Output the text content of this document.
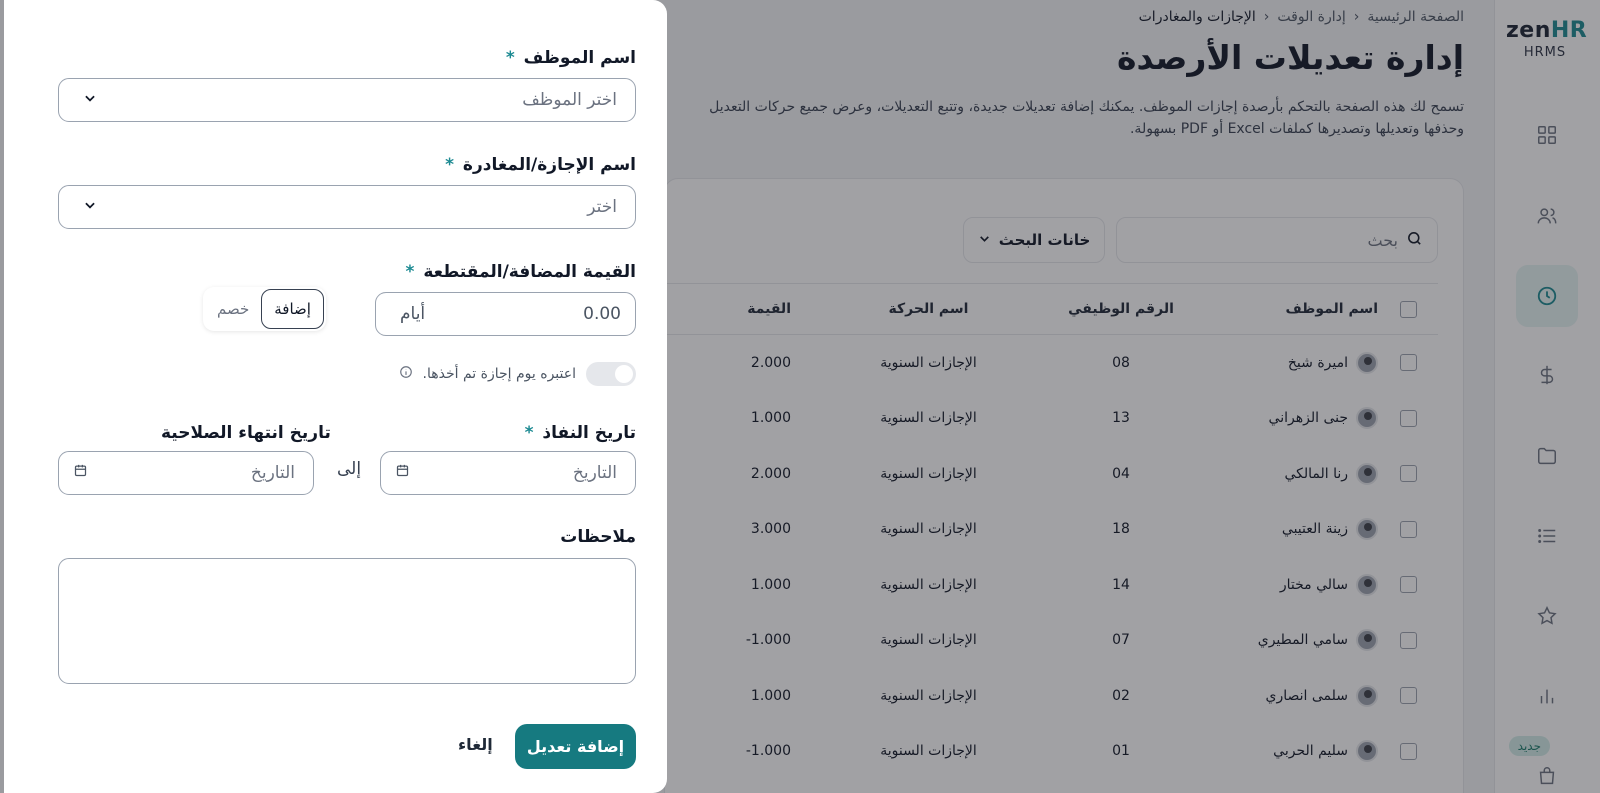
zenHR
HRMS
جديد
الصفحة الرئيسية
‹
إدارة الوقت
‹
الإجازات والمغادرات
إدارة تعديلات الأرصدة

تسمح لك هذه الصفحة بالتحكم بأرصدة إجازات الموظف. يمكنك إضافة تعديلات جديدة، وتتبع التعديلات، وعرض جميع حركات التعديل وحذفها وتعديلها وتصديرها كملفات Excel أو PDF بسهولة.

بحث
خانات البحث
اسم الموظف
الرقم الوظيفي
اسم الحركة
القيمة
اميرة شيخ
08
الإجازات السنوية
2.000
جنى الزهراني
13
الإجازات السنوية
1.000
رنا المالكي
04
الإجازات السنوية
2.000
زينة العتيبي
18
الإجازات السنوية
3.000
سالي مختار
14
الإجازات السنوية
1.000
سامي المطيري
07
الإجازات السنوية
1.000-
سلمى انصاري
02
الإجازات السنوية
1.000
سليم الحربي
01
الإجازات السنوية
1.000-
اسم الموظف *
اختر الموظف
اسم الإجازة/المغادرة *
اختر
القيمة المضافة/المقتطعة *
0.00
أيام
إضافة
خصم
اعتبره يوم إجازة تم أخذها.
تاريخ النفاذ *
تاريخ انتهاء الصلاحية
التاريخ
إلى
التاريخ
ملاحظات
إضافة تعديل
إلغاء
